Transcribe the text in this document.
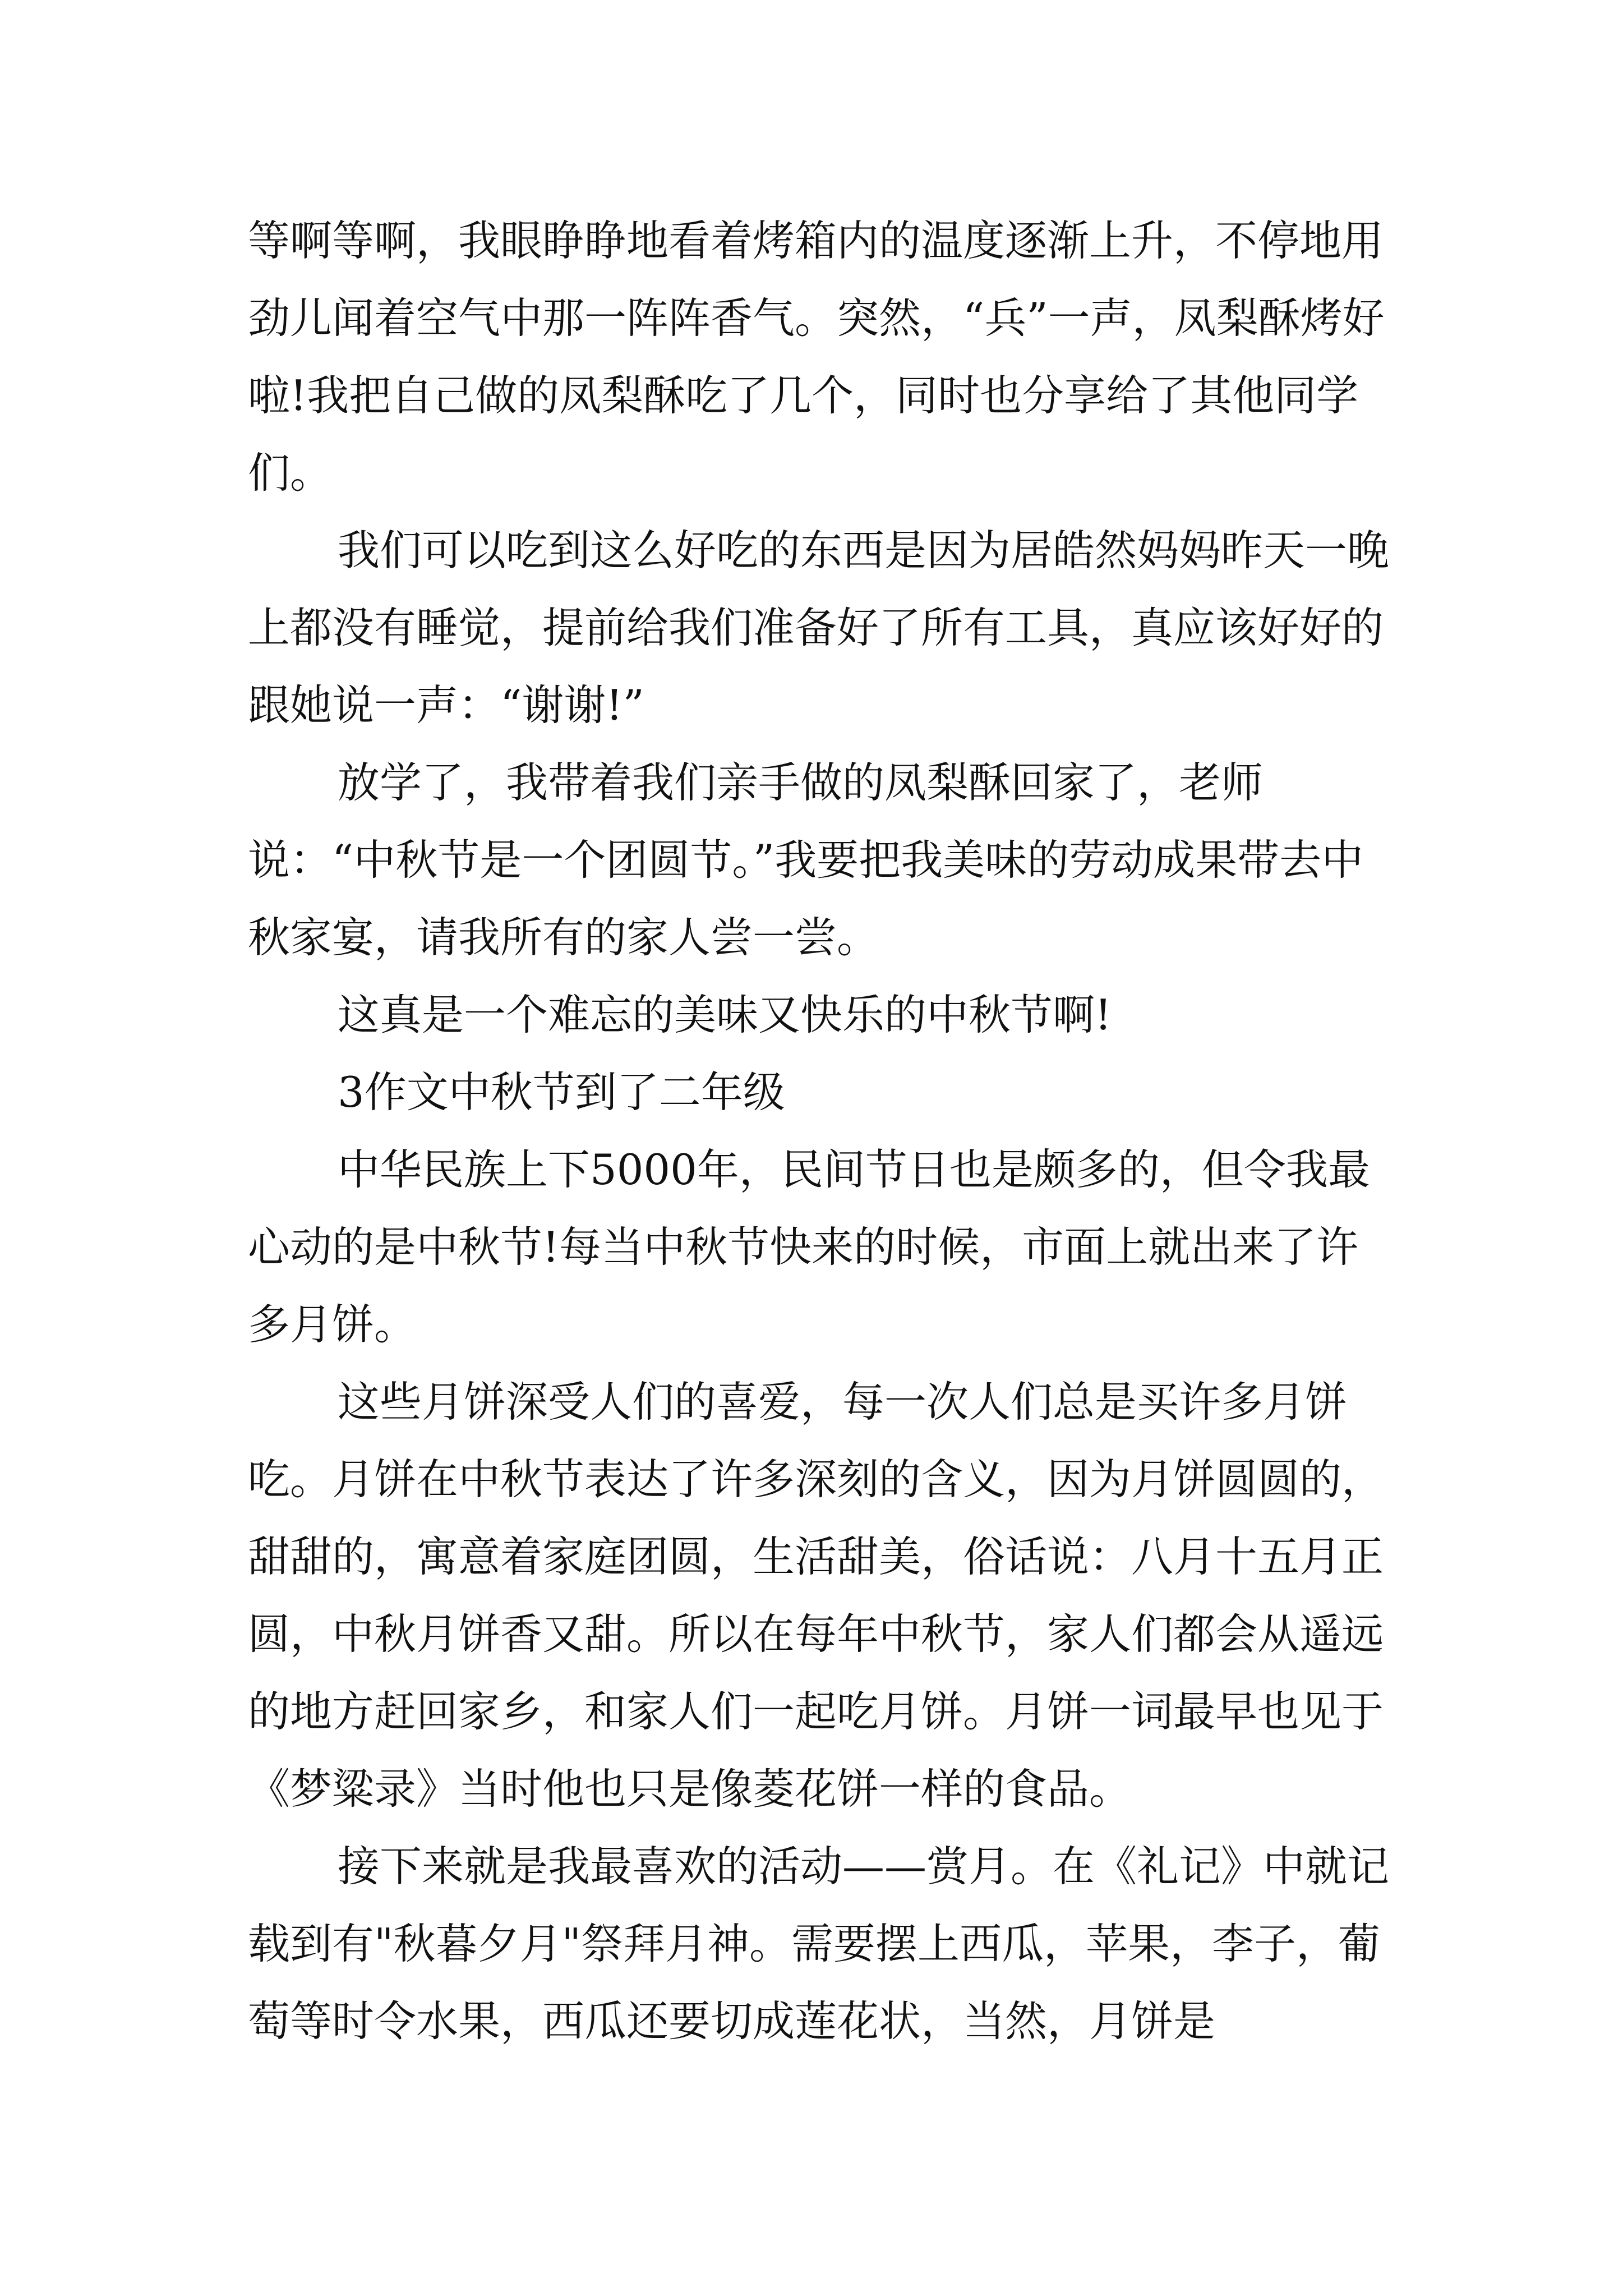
等啊等啊，我眼睁睁地看着烤箱内的温度逐渐上升，不停地用劲儿闻着空气中那一阵阵香气。突然，“兵”一声，凤梨酥烤好啦!我把自己做的凤梨酥吃了几个，同时也分享给了其他同学们。

我们可以吃到这么好吃的东西是因为居皓然妈妈昨天一晚上都没有睡觉，提前给我们准备好了所有工具，真应该好好的跟她说一声：“谢谢!”

放学了，我带着我们亲手做的凤梨酥回家了，老师说：“中秋节是一个团圆节。”我要把我美味的劳动成果带去中秋家宴，请我所有的家人尝一尝。

这真是一个难忘的美味又快乐的中秋节啊!

3作文中秋节到了二年级

中华民族上下5000年，民间节日也是颇多的，但令我最心动的是中秋节!每当中秋节快来的时候，市面上就出来了许多月饼。

这些月饼深受人们的喜爱，每一次人们总是买许多月饼吃。月饼在中秋节表达了许多深刻的含义，因为月饼圆圆的，甜甜的，寓意着家庭团圆，生活甜美，俗话说：八月十五月正圆，中秋月饼香又甜。所以在每年中秋节，家人们都会从遥远的地方赶回家乡，和家人们一起吃月饼。月饼一词最早也见于《梦粱录》当时他也只是像菱花饼一样的食品。

接下来就是我最喜欢的活动——赏月。在《礼记》中就记载到有"秋暮夕月"祭拜月神。需要摆上西瓜，苹果，李子，葡萄等时令水果，西瓜还要切成莲花状，当然，月饼是
